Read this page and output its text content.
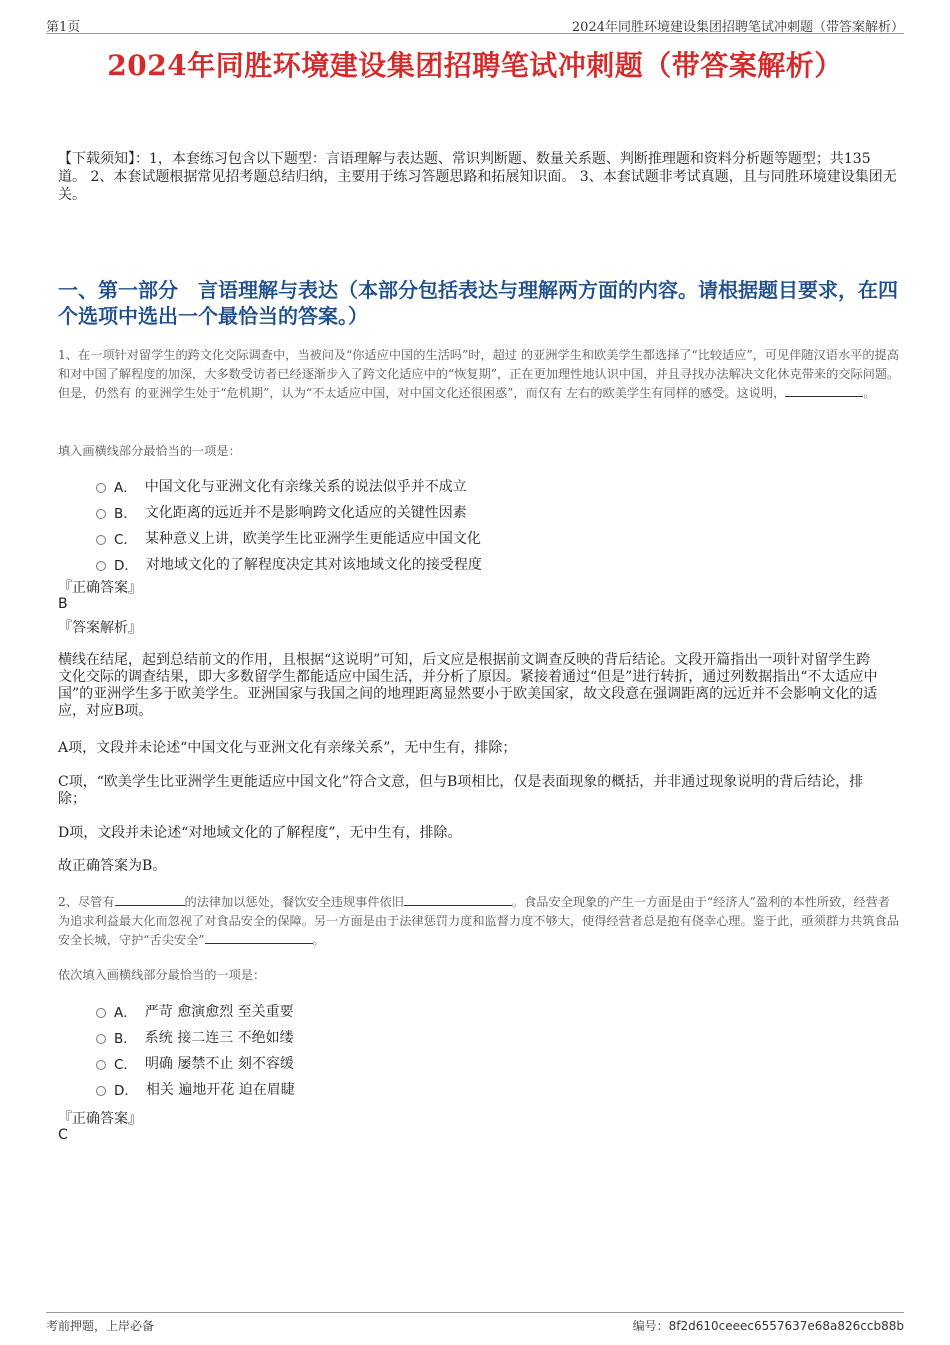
第1页	2024年同胜环境建设集团招聘笔试冲刺题（带答案解析）
2024年同胜环境建设集团招聘笔试冲刺题（带答案解析）

【下载须知】：1，本套练习包含以下题型：言语理解与表达题、常识判断题、数量关系题、判断推理题和资料分析题等题型；共135道。 2、本套试题根据常见招考题总结归纳，主要用于练习答题思路和拓展知识面。 3、本套试题非考试真题，且与同胜环境建设集团无关。

一、第一部分　言语理解与表达（本部分包括表达与理解两方面的内容。请根据题目要求，在四个选项中选出一个最恰当的答案。）

1、在一项针对留学生的跨文化交际调查中，当被问及“你适应中国的生活吗”时，超过 的亚洲学生和欧美学生都选择了“比较适应”，可见伴随汉语水平的提高和对中国了解程度的加深，大多数受访者已经逐渐步入了跨文化适应中的“恢复期”，正在更加理性地认识中国，并且寻找办法解决文化休克带来的交际问题。但是，仍然有 的亚洲学生处于“危机期”，认为“不太适应中国，对中国文化还很困惑”，而仅有 左右的欧美学生有同样的感受。这说明，	。

填入画横线部分最恰当的一项是：

A． 中国文化与亚洲文化有亲缘关系的说法似乎并不成立
B． 文化距离的远近并不是影响跨文化适应的关键性因素
C． 某种意义上讲，欧美学生比亚洲学生更能适应中国文化
D． 对地域文化的了解程度决定其对该地域文化的接受程度
『正确答案』
B
『答案解析』

横线在结尾，起到总结前文的作用，且根据“这说明”可知，后文应是根据前文调查反映的背后结论。文段开篇指出一项针对留学生跨文化交际的调查结果，即大多数留学生都能适应中国生活，并分析了原因。紧接着通过“但是”进行转折，通过列数据指出“不太适应中国”的亚洲学生多于欧美学生。亚洲国家与我国之间的地理距离显然要小于欧美国家，故文段意在强调距离的远近并不会影响文化的适应，对应B项。

A项，文段并未论述“中国文化与亚洲文化有亲缘关系”，无中生有，排除；

C项，“欧美学生比亚洲学生更能适应中国文化”符合文意，但与B项相比，仅是表面现象的概括，并非通过现象说明的背后结论，排除；

D项，文段并未论述“对地域文化的了解程度”，无中生有，排除。

故正确答案为B。

2、尽管有	的法律加以惩处，餐饮安全违规事件依旧	。食品安全现象的产生一方面是由于“经济人”盈利的本性所致，经营者为追求利益最大化而忽视了对食品安全的保障。另一方面是由于法律惩罚力度和监督力度不够大，使得经营者总是抱有侥幸心理。鉴于此，亟须群力共筑食品安全长城，守护“舌尖安全”	。

依次填入画横线部分最恰当的一项是：

A． 严苛 愈演愈烈 至关重要
B． 系统 接二连三 不绝如缕
C． 明确 屡禁不止 刻不容缓
D． 相关 遍地开花 迫在眉睫
『正确答案』
C
考前押题，上岸必备	编号：8f2d610ceeec6557637e68a826ccb88b
